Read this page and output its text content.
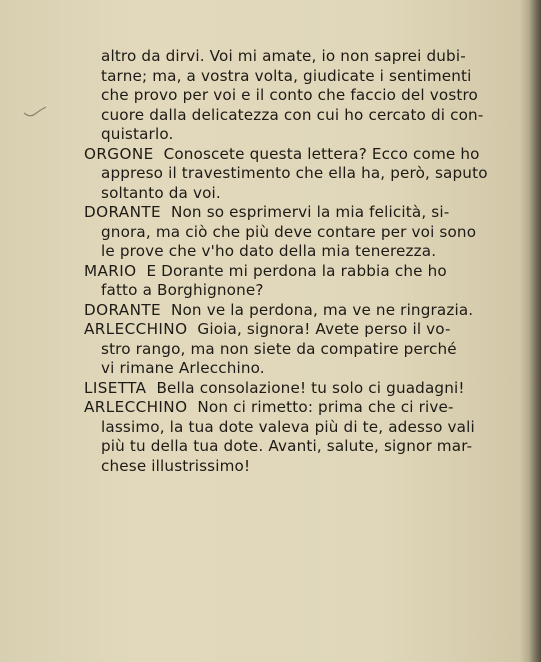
altro da dirvi. Voi mi amate, io non saprei dubi-
tarne; ma, a vostra volta, giudicate i sentimenti
che provo per voi e il conto che faccio del vostro
cuore dalla delicatezza con cui ho cercato di con-
quistarlo.
ORGONE Conoscete questa lettera? Ecco come ho
appreso il travestimento che ella ha, però, saputo
soltanto da voi.
DORANTE Non so esprimervi la mia felicità, si-
gnora, ma ciò che più deve contare per voi sono
le prove che v'ho dato della mia tenerezza.
MARIO E Dorante mi perdona la rabbia che ho
fatto a Borghignone?
DORANTE Non ve la perdona, ma ve ne ringrazia.
ARLECCHINO Gioia, signora! Avete perso il vo-
stro rango, ma non siete da compatire perché
vi rimane Arlecchino.
LISETTA Bella consolazione! tu solo ci guadagni!
ARLECCHINO Non ci rimetto: prima che ci rive-
lassimo, la tua dote valeva più di te, adesso vali
più tu della tua dote. Avanti, salute, signor mar-
chese illustrissimo!
